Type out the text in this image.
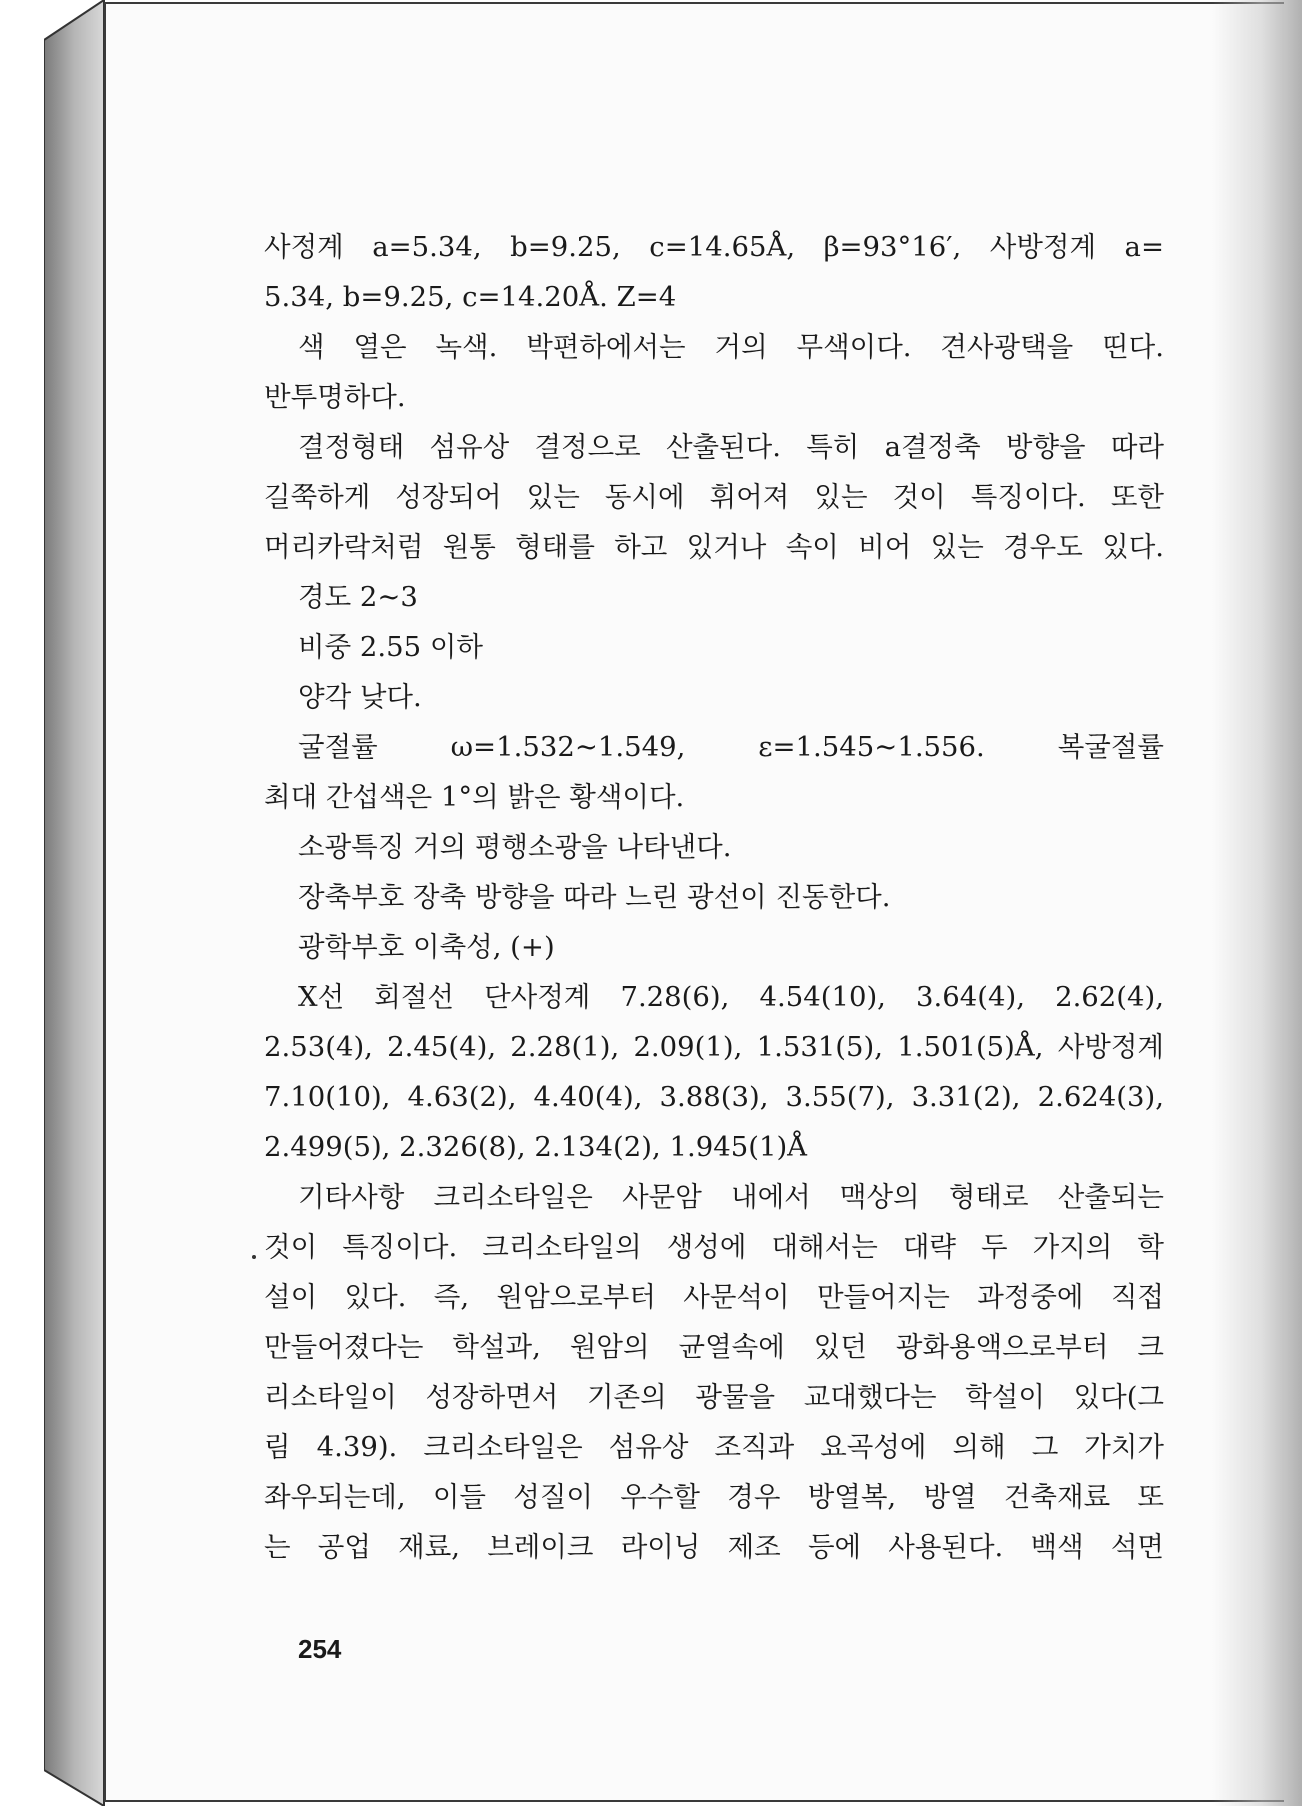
사정계 a=5.34, b=9.25, c=14.65Å, β=93°16′, 사방정계 a=
5.34, b=9.25, c=14.20Å. Z=4
색 열은 녹색. 박편하에서는 거의 무색이다. 견사광택을 띤다.
반투명하다.
결정형태 섬유상 결정으로 산출된다. 특히 a결정축 방향을 따라
길쭉하게 성장되어 있는 동시에 휘어져 있는 것이 특징이다. 또한
머리카락처럼 원통 형태를 하고 있거나 속이 비어 있는 경우도 있다.
경도 2∼3
비중 2.55 이하
양각 낮다.
굴절률 ω=1.532∼1.549, ε=1.545∼1.556. 복굴절률
최대 간섭색은 1°의 밝은 황색이다.
소광특징 거의 평행소광을 나타낸다.
장축부호 장축 방향을 따라 느린 광선이 진동한다.
광학부호 이축성, (+)
X선 회절선 단사정계 7.28(6), 4.54(10), 3.64(4), 2.62(4),
2.53(4), 2.45(4), 2.28(1), 2.09(1), 1.531(5), 1.501(5)Å, 사방정계
7.10(10), 4.63(2), 4.40(4), 3.88(3), 3.55(7), 3.31(2), 2.624(3),
2.499(5), 2.326(8), 2.134(2), 1.945(1)Å
기타사항 크리소타일은 사문암 내에서 맥상의 형태로 산출되는
것이 특징이다. 크리소타일의 생성에 대해서는 대략 두 가지의 학
설이 있다. 즉, 원암으로부터 사문석이 만들어지는 과정중에 직접
만들어졌다는 학설과, 원암의 균열속에 있던 광화용액으로부터 크
리소타일이 성장하면서 기존의 광물을 교대했다는 학설이 있다(그
림 4.39). 크리소타일은 섬유상 조직과 요곡성에 의해 그 가치가
좌우되는데, 이들 성질이 우수할 경우 방열복, 방열 건축재료 또
는 공업 재료, 브레이크 라이닝 제조 등에 사용된다. 백색 석면
254
